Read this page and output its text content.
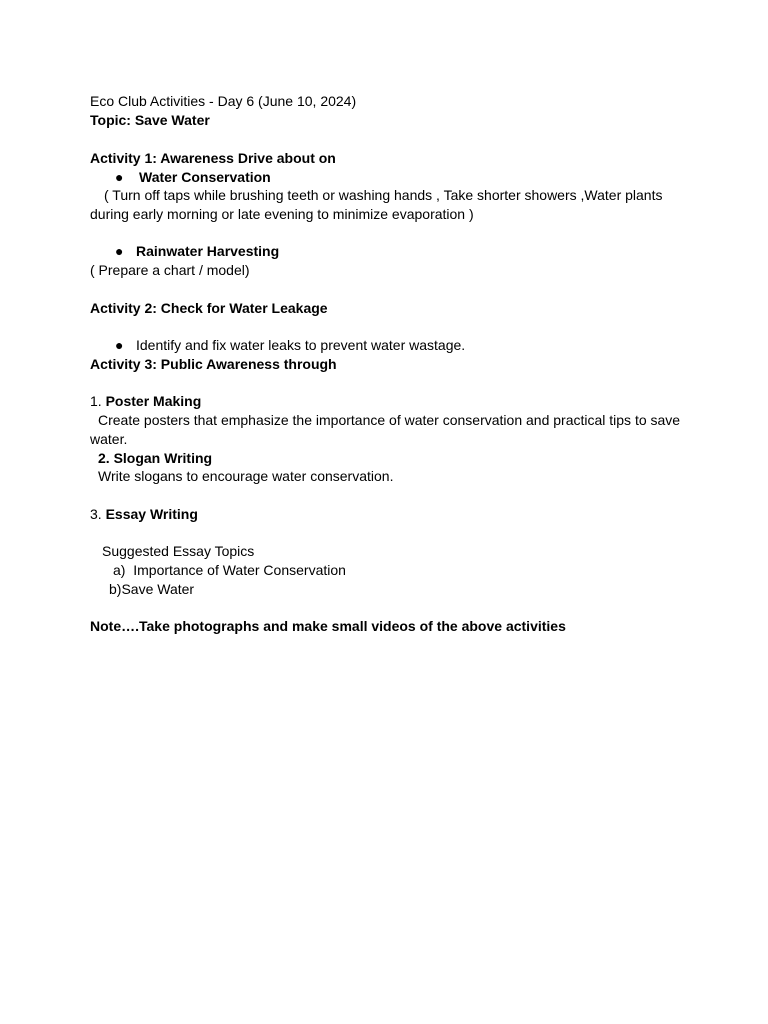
Eco Club Activities - Day 6 (June 10, 2024)
Topic: Save Water
Activity 1: Awareness Drive about on
● Water Conservation
( Turn off taps while brushing teeth or washing hands , Take shorter showers ,Water plants during early morning or late evening to minimize evaporation )
● Rainwater Harvesting
( Prepare a chart / model)
Activity 2: Check for Water Leakage
● Identify and fix water leaks to prevent water wastage.
Activity 3: Public Awareness through
1. Poster Making
Create posters that emphasize the importance of water conservation and practical tips to save water.
2. Slogan Writing
Write slogans to encourage water conservation.
3. Essay Writing
Suggested Essay Topics
a) Importance of Water Conservation
b)Save Water
Note….Take photographs and make small videos of the above activities
